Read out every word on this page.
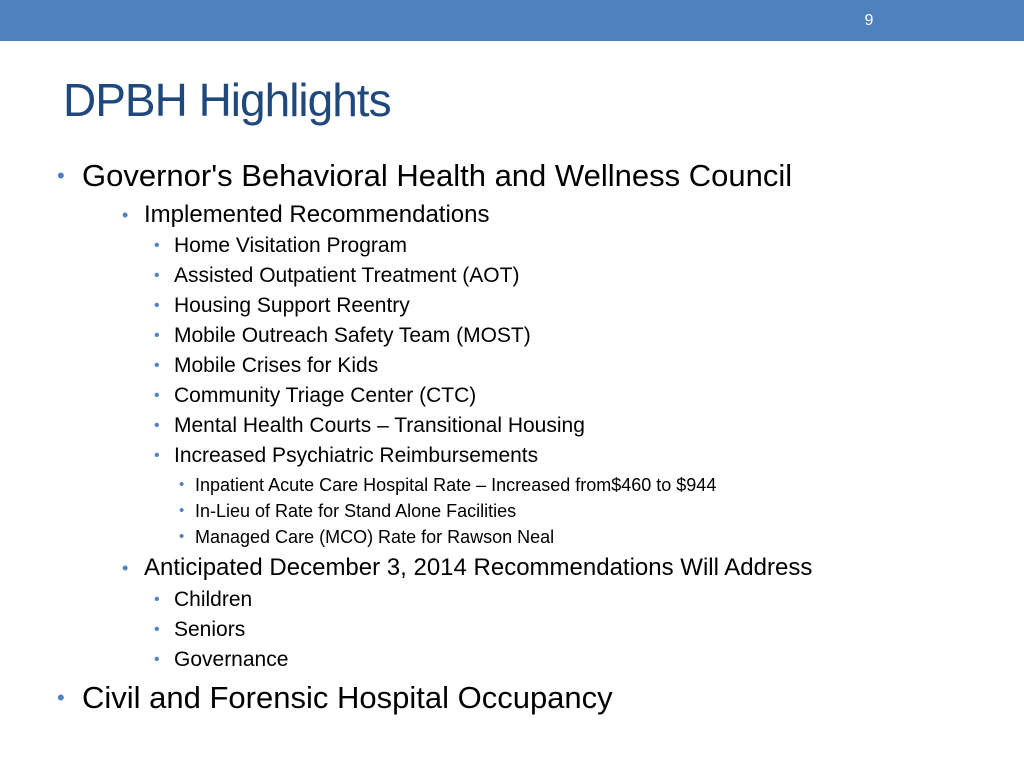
9
DPBH Highlights
• Governor's Behavioral Health and Wellness Council
• Implemented Recommendations
• Home Visitation Program
• Assisted Outpatient Treatment (AOT)
• Housing Support Reentry
• Mobile Outreach Safety Team (MOST)
• Mobile Crises for Kids
• Community Triage Center (CTC)
• Mental Health Courts – Transitional Housing
• Increased Psychiatric Reimbursements
• Inpatient Acute Care Hospital Rate – Increased from$460 to $944
• In-Lieu of Rate for Stand Alone Facilities
• Managed Care (MCO) Rate for Rawson Neal
• Anticipated December 3, 2014 Recommendations Will Address
• Children
• Seniors
• Governance
• Civil and Forensic Hospital Occupancy
